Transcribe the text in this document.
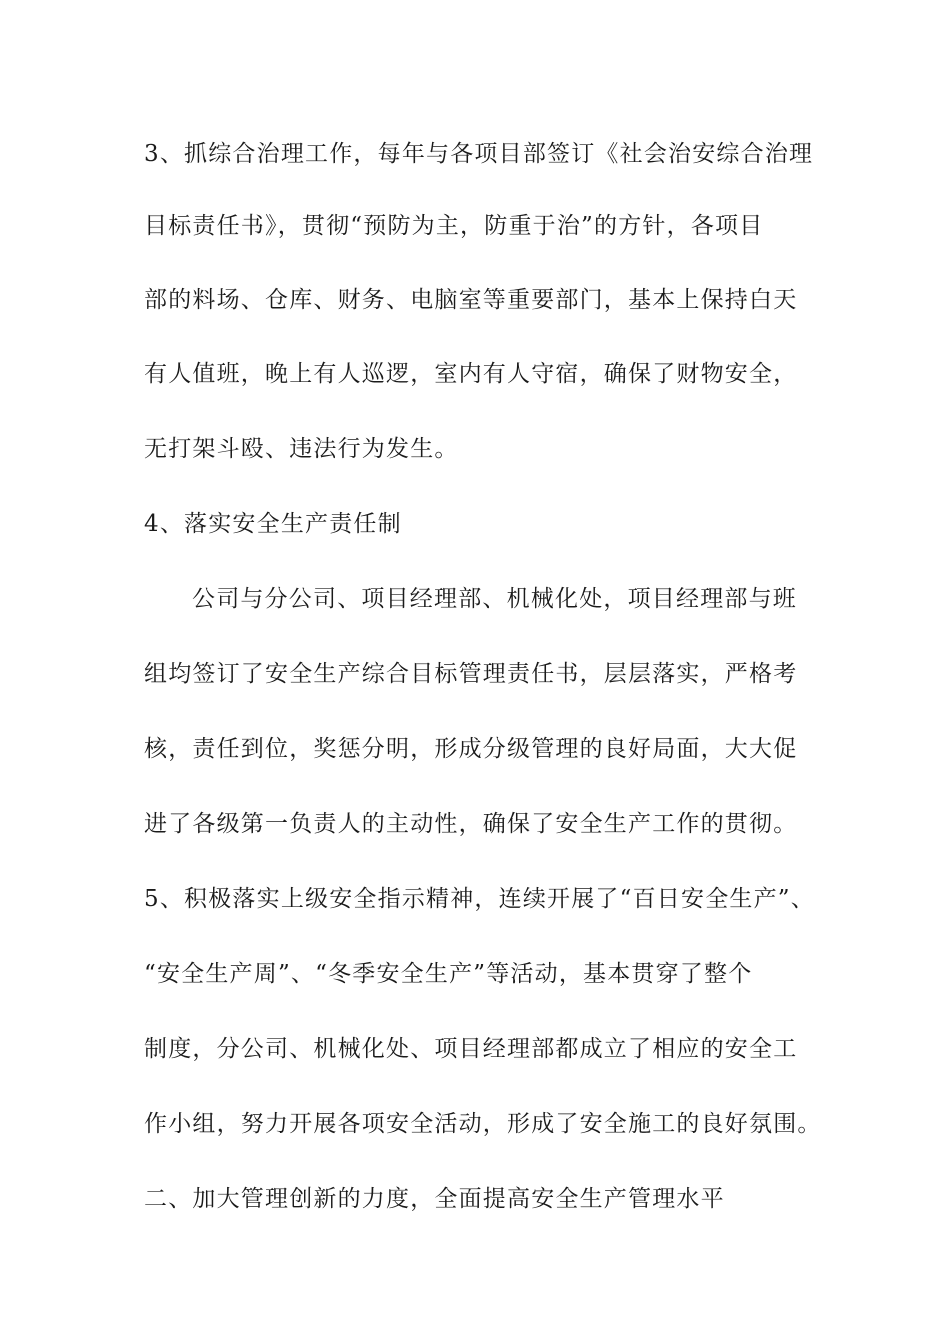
3、抓综合治理工作，每年与各项目部签订《社会治安综合治理
目标责任书》，贯彻“预防为主，防重于治”的方针，各项目
部的料场、仓库、财务、电脑室等重要部门，基本上保持白天
有人值班，晚上有人巡逻，室内有人守宿，确保了财物安全，
无打架斗殴、违法行为发生。
4、落实安全生产责任制
公司与分公司、项目经理部、机械化处，项目经理部与班
组均签订了安全生产综合目标管理责任书，层层落实，严格考
核，责任到位，奖惩分明，形成分级管理的良好局面，大大促
进了各级第一负责人的主动性，确保了安全生产工作的贯彻。
5、积极落实上级安全指示精神，连续开展了“百日安全生产”、
“安全生产周”、“冬季安全生产”等活动，基本贯穿了整个
制度，分公司、机械化处、项目经理部都成立了相应的安全工
作小组，努力开展各项安全活动，形成了安全施工的良好氛围。
二、加大管理创新的力度，全面提高安全生产管理水平
